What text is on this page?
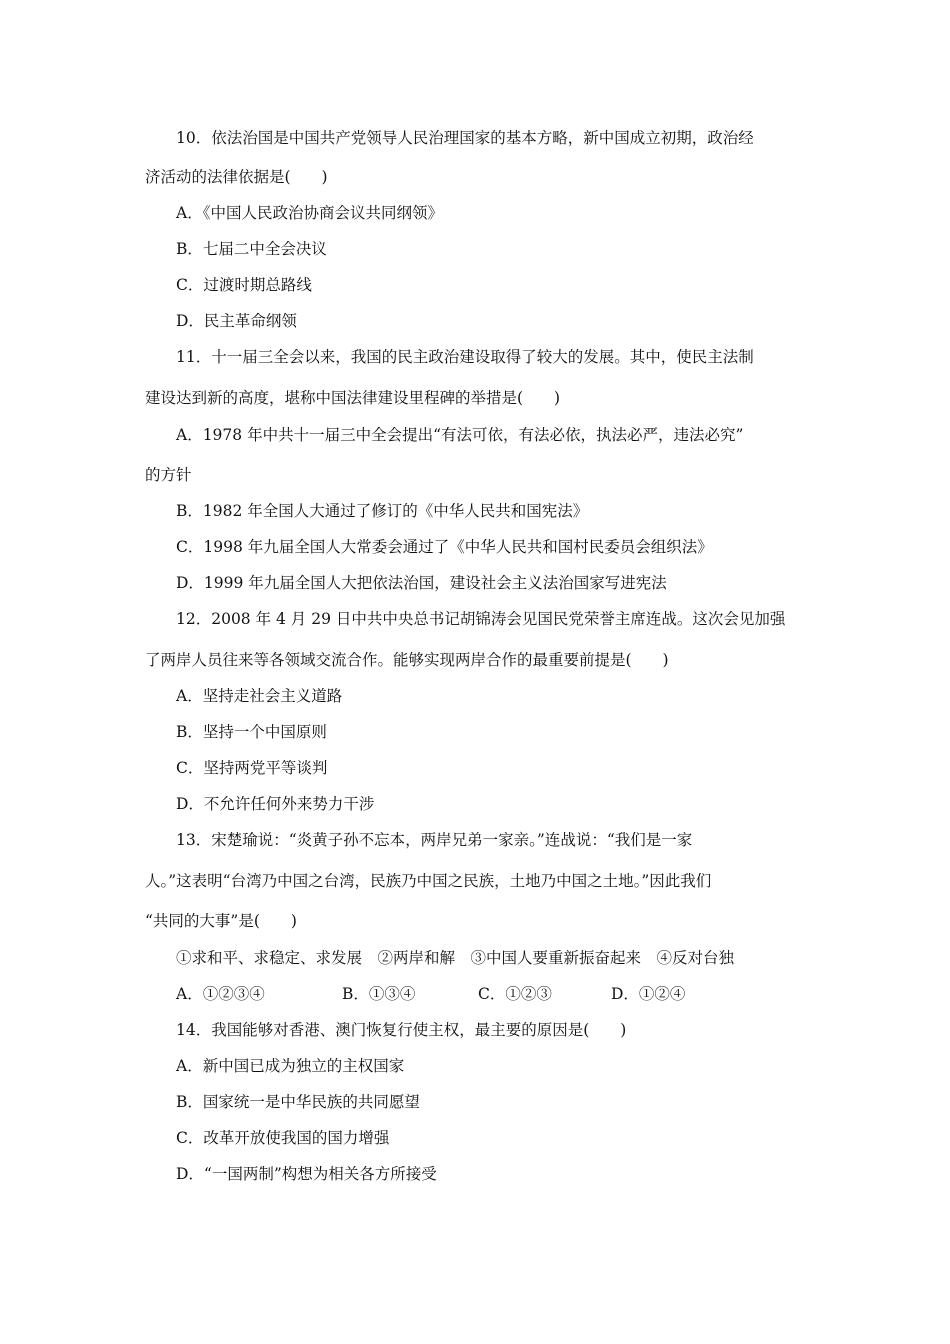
10．依法治国是中国共产党领导人民治理国家的基本方略，新中国成立初期，政治经
济活动的法律依据是(　　)
A．《中国人民政治协商会议共同纲领》
B．七届二中全会决议
C．过渡时期总路线
D．民主革命纲领
11．十一届三全会以来，我国的民主政治建设取得了较大的发展。其中，使民主法制
建设达到新的高度，堪称中国法律建设里程碑的举措是(　　)
A．1978 年中共十一届三中全会提出“有法可依，有法必依，执法必严，违法必究”
的方针
B．1982 年全国人大通过了修订的《中华人民共和国宪法》
C．1998 年九届全国人大常委会通过了《中华人民共和国村民委员会组织法》
D．1999 年九届全国人大把依法治国，建设社会主义法治国家写进宪法
12．2008 年 4 月 29 日中共中央总书记胡锦涛会见国民党荣誉主席连战。这次会见加强
了两岸人员往来等各领域交流合作。能够实现两岸合作的最重要前提是(　　)
A．坚持走社会主义道路
B．坚持一个中国原则
C．坚持两党平等谈判
D．不允许任何外来势力干涉
13．宋楚瑜说：“炎黄子孙不忘本，两岸兄弟一家亲。”连战说：“我们是一家
人。”这表明“台湾乃中国之台湾，民族乃中国之民族，土地乃中国之土地。”因此我们
“共同的大事”是(　　)
①求和平、求稳定、求发展　②两岸和解　③中国人要重新振奋起来　④反对台独
A．①②③④	B．①③④	C．①②③	D．①②④
14．我国能够对香港、澳门恢复行使主权，最主要的原因是(　　)
A．新中国已成为独立的主权国家
B．国家统一是中华民族的共同愿望
C．改革开放使我国的国力增强
D．“一国两制”构想为相关各方所接受
